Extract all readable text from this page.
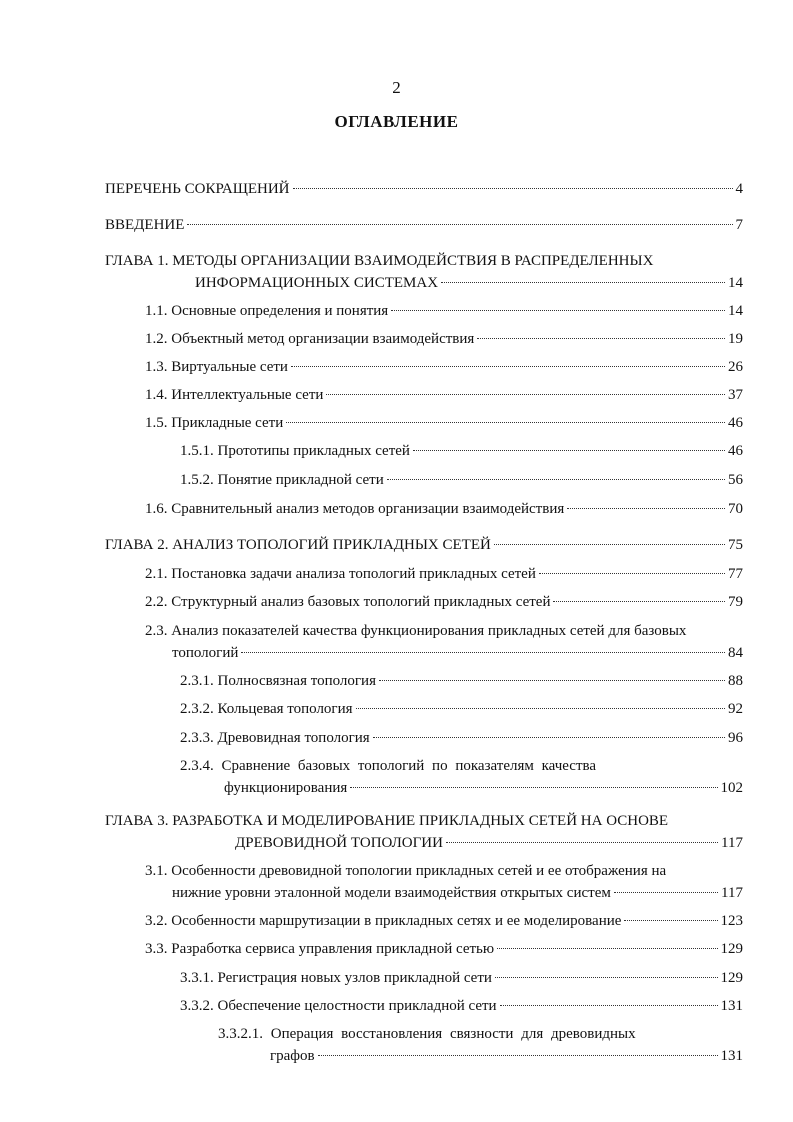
2
ОГЛАВЛЕНИЕ
ПЕРЕЧЕНЬ СОКРАЩЕНИЙ	4
ВВЕДЕНИЕ	7
ГЛАВА 1. МЕТОДЫ ОРГАНИЗАЦИИ ВЗАИМОДЕЙСТВИЯ В РАСПРЕДЕЛЕННЫХ
ИНФОРМАЦИОННЫХ СИСТЕМАХ	14
1.1. Основные определения и понятия	14
1.2. Объектный метод организации взаимодействия	19
1.3. Виртуальные сети	26
1.4. Интеллектуальные сети	37
1.5. Прикладные сети	46
1.5.1. Прототипы прикладных сетей	46
1.5.2. Понятие прикладной сети	56
1.6. Сравнительный анализ методов организации взаимодействия	70
ГЛАВА 2. АНАЛИЗ ТОПОЛОГИЙ ПРИКЛАДНЫХ СЕТЕЙ	75
2.1. Постановка задачи анализа топологий прикладных сетей	77
2.2. Структурный анализ базовых топологий прикладных сетей	79
2.3. Анализ показателей качества функционирования прикладных сетей для базовых
топологий	84
2.3.1. Полносвязная топология	88
2.3.2. Кольцевая топология	92
2.3.3. Древовидная топология	96
2.3.4. Сравнение базовых топологий по показателям качества
функционирования	102
ГЛАВА 3. РАЗРАБОТКА И МОДЕЛИРОВАНИЕ ПРИКЛАДНЫХ СЕТЕЙ НА ОСНОВЕ
ДРЕВОВИДНОЙ ТОПОЛОГИИ	117
3.1. Особенности древовидной топологии прикладных сетей и ее отображения на
нижние уровни эталонной модели взаимодействия открытых систем	117
3.2. Особенности маршрутизации в прикладных сетях и ее моделирование	123
3.3. Разработка сервиса управления прикладной сетью	129
3.3.1. Регистрация новых узлов прикладной сети	129
3.3.2. Обеспечение целостности прикладной сети	131
3.3.2.1. Операция восстановления связности для древовидных
графов	131
